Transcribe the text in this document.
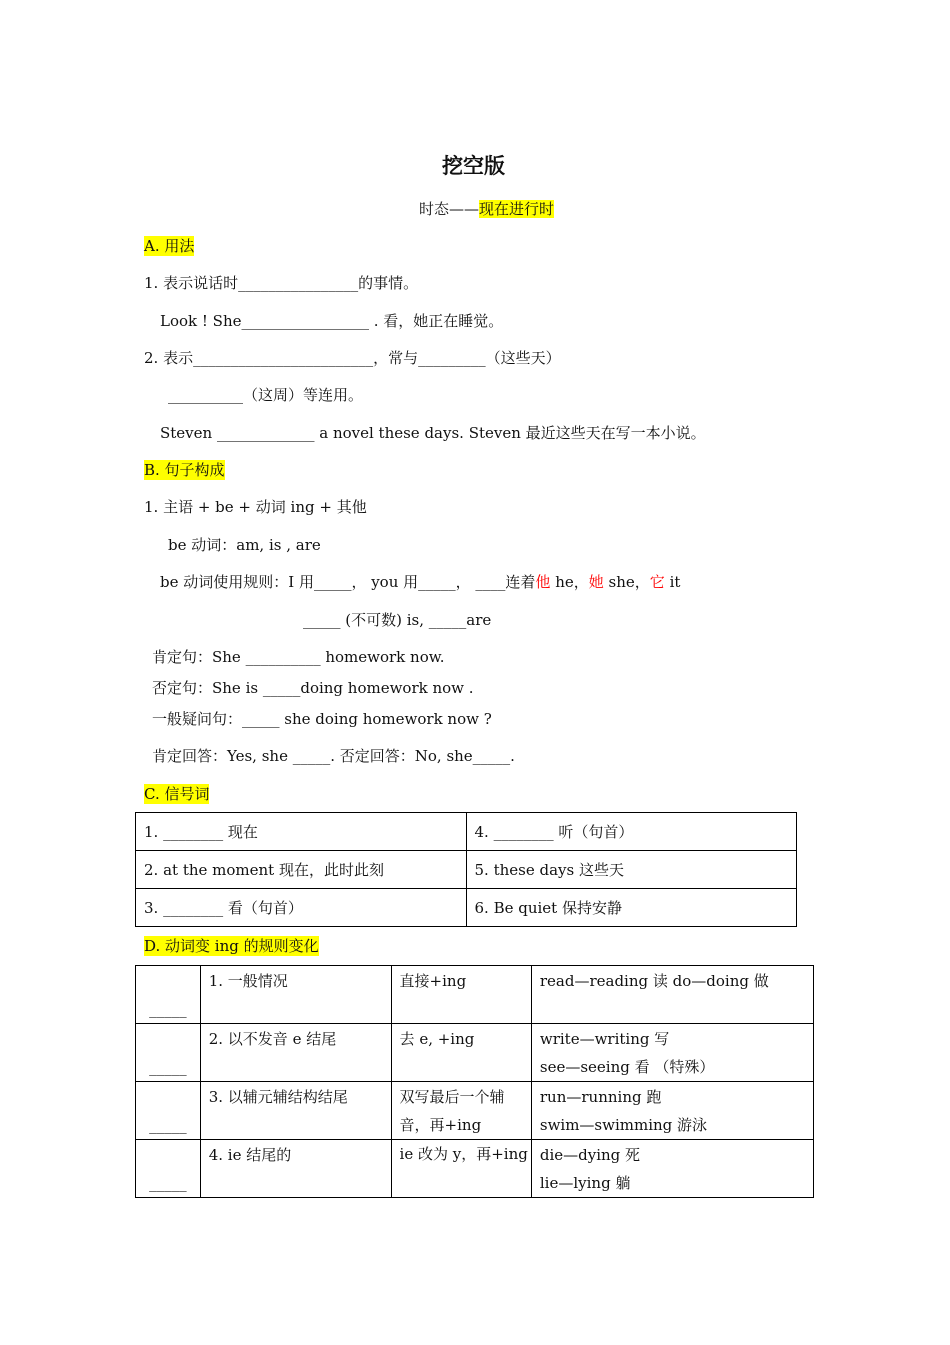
挖空版
时态——现在进行时
A. 用法
1. 表示说话时________________的事情。
Look ! She_________________ . 看，她正在睡觉。
2. 表示________________________，常与_________（这些天）
__________（这周）等连用。
Steven _____________ a novel these days. Steven 最近这些天在写一本小说。
B. 句子构成
1. 主语 + be + 动词 ing + 其他
be 动词：am, is , are
be 动词使用规则：I 用_____， you 用_____， ____连着他 he，她 she，它 it
_____ (不可数) is, _____are
肯定句：She __________ homework now.
否定句：She is _____doing homework now .
一般疑问句：_____ she doing homework now ?
肯定回答：Yes, she _____. 否定回答：No, she_____.
C. 信号词
1. ________ 现在	4. ________ 听（句首）
2. at the moment 现在，此时此刻	5. these days 这些天
3. ________ 看（句首）	6. Be quiet 保持安静
D. 动词变 ing 的规则变化
_____	1. 一般情况	直接+ing	read—reading 读 do—doing 做

_____	2. 以不发音 e 结尾	去 e, +ing	write—writing 写
see—seeing 看 （特殊）

_____	3. 以辅元辅结构结尾	双写最后一个辅音，再+ing	run—running 跑
swim—swimming 游泳

_____	4. ie 结尾的	ie 改为 y，再+ing	die—dying 死
lie—lying 躺
